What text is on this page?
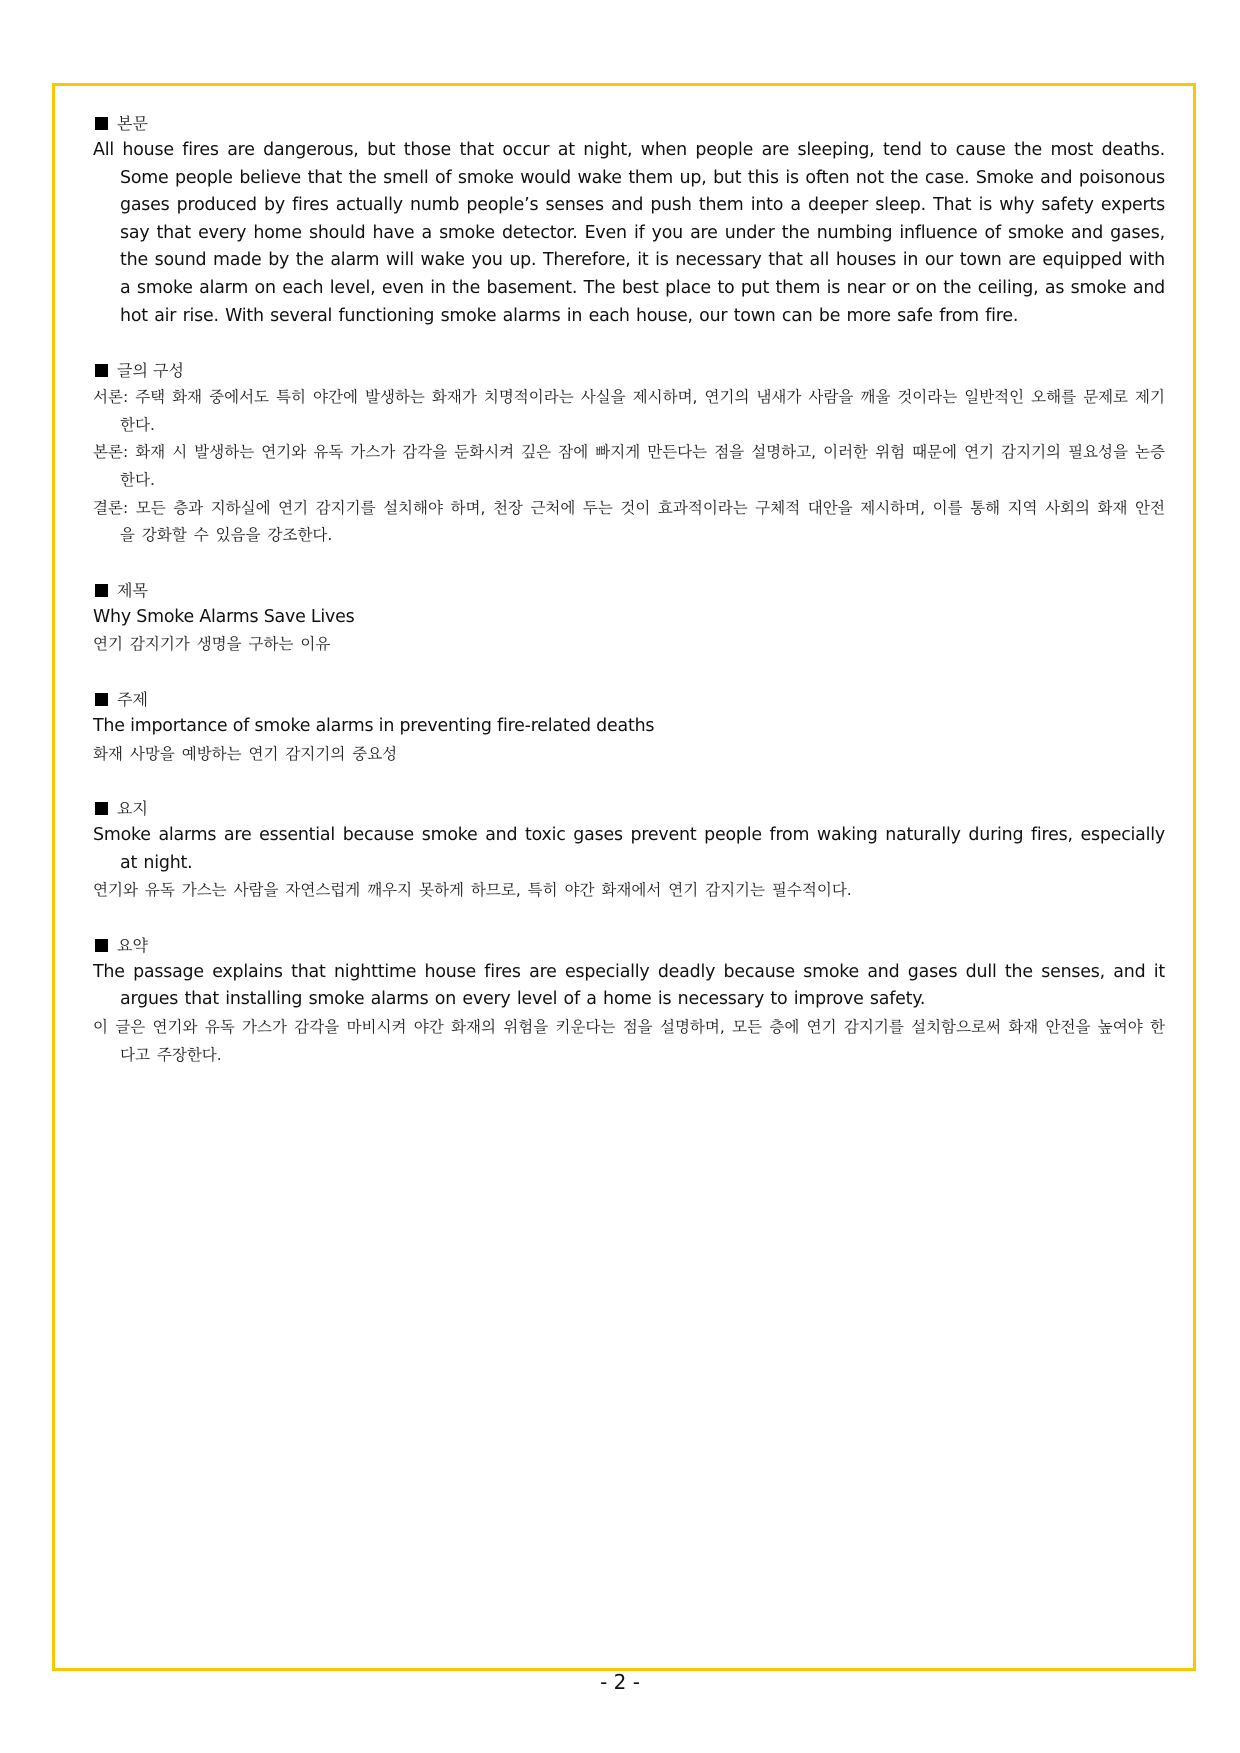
본문
All house fires are dangerous, but those that occur at night, when people are sleeping, tend to cause the most deaths. Some people believe that the smell of smoke would wake them up, but this is often not the case. Smoke and poisonous gases produced by fires actually numb people’s senses and push them into a deeper sleep. That is why safety experts say that every home should have a smoke detector. Even if you are under the numbing influence of smoke and gases, the sound made by the alarm will wake you up. Therefore, it is necessary that all houses in our town are equipped with a smoke alarm on each level, even in the basement. The best place to put them is near or on the ceiling, as smoke and hot air rise. With several functioning smoke alarms in each house, our town can be more safe from fire.
글의 구성
서론: 주택 화재 중에서도 특히 야간에 발생하는 화재가 치명적이라는 사실을 제시하며, 연기의 냄새가 사람을 깨울 것이라는 일반적인 오해를 문제로 제기한다.
본론: 화재 시 발생하는 연기와 유독 가스가 감각을 둔화시켜 깊은 잠에 빠지게 만든다는 점을 설명하고, 이러한 위험 때문에 연기 감지기의 필요성을 논증한다.
결론: 모든 층과 지하실에 연기 감지기를 설치해야 하며, 천장 근처에 두는 것이 효과적이라는 구체적 대안을 제시하며, 이를 통해 지역 사회의 화재 안전을 강화할 수 있음을 강조한다.
제목
Why Smoke Alarms Save Lives
연기 감지기가 생명을 구하는 이유
주제
The importance of smoke alarms in preventing fire-related deaths
화재 사망을 예방하는 연기 감지기의 중요성
요지
Smoke alarms are essential because smoke and toxic gases prevent people from waking naturally during fires, especially at night.
연기와 유독 가스는 사람을 자연스럽게 깨우지 못하게 하므로, 특히 야간 화재에서 연기 감지기는 필수적이다.
요약
The passage explains that nighttime house fires are especially deadly because smoke and gases dull the senses, and it argues that installing smoke alarms on every level of a home is necessary to improve safety.
이 글은 연기와 유독 가스가 감각을 마비시켜 야간 화재의 위험을 키운다는 점을 설명하며, 모든 층에 연기 감지기를 설치함으로써 화재 안전을 높여야 한다고 주장한다.
- 2 -
